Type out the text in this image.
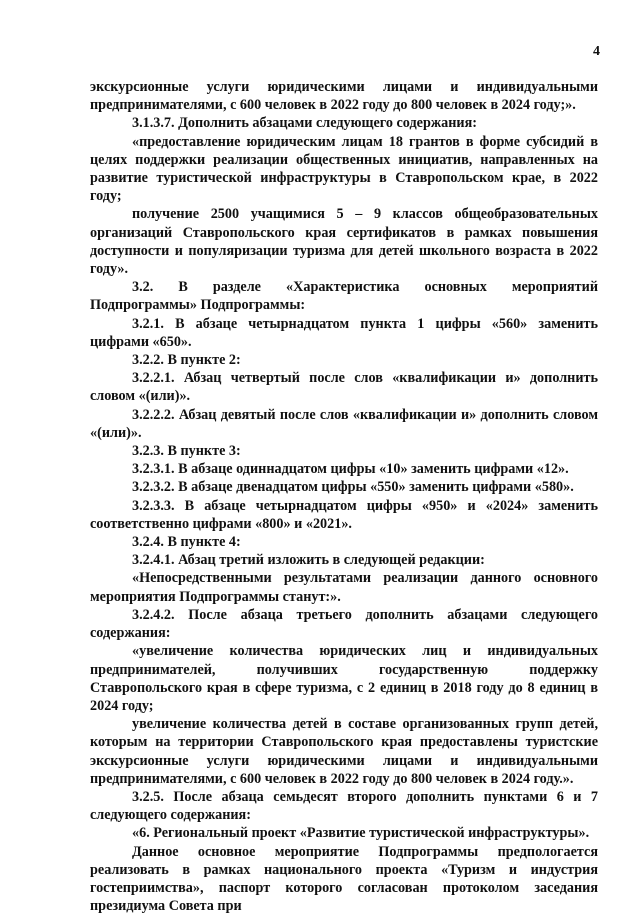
4

экскурсионные услуги юридическими лицами и индивидуальными предпринимателями, с 600 человек в 2022 году до 800 человек в 2024 году;».

3.1.3.7. Дополнить абзацами следующего содержания:

«предоставление юридическим лицам 18 грантов в форме субсидий в целях поддержки реализации общественных инициатив, направленных на развитие туристической инфраструктуры в Ставропольском крае, в 2022 году;

получение 2500 учащимися 5 – 9 классов общеобразовательных организаций Ставропольского края сертификатов в рамках повышения доступности и популяризации туризма для детей школьного возраста в 2022 году».

3.2. В разделе «Характеристика основных мероприятий Подпрограммы» Подпрограммы:

3.2.1. В абзаце четырнадцатом пункта 1 цифры «560» заменить цифрами «650».

3.2.2. В пункте 2:

3.2.2.1. Абзац четвертый после слов «квалификации и» дополнить словом «(или)».

3.2.2.2. Абзац девятый после слов «квалификации и» дополнить словом «(или)».

3.2.3. В пункте 3:

3.2.3.1. В абзаце одиннадцатом цифры «10» заменить цифрами «12».

3.2.3.2. В абзаце двенадцатом цифры «550» заменить цифрами «580».

3.2.3.3. В абзаце четырнадцатом цифры «950» и «2024» заменить соответственно цифрами «800» и «2021».

3.2.4. В пункте 4:

3.2.4.1. Абзац третий изложить в следующей редакции:

«Непосредственными результатами реализации данного основного мероприятия Подпрограммы станут:».

3.2.4.2. После абзаца третьего дополнить абзацами следующего содержания:

«увеличение количества юридических лиц и индивидуальных предпринимателей, получивших государственную поддержку Ставропольского края в сфере туризма, с 2 единиц в 2018 году до 8 единиц в 2024 году;

увеличение количества детей в составе организованных групп детей, которым на территории Ставропольского края предоставлены туристские экскурсионные услуги юридическими лицами и индивидуальными предпринимателями, с 600 человек в 2022 году до 800 человек в 2024 году.».

3.2.5. После абзаца семьдесят второго дополнить пунктами 6 и 7 следующего содержания:

«6. Региональный проект «Развитие туристической инфраструктуры».

Данное основное мероприятие Подпрограммы предпологается реализовать в рамках национального проекта «Туризм и индустрия гостеприимства», паспорт которого согласован протоколом заседания президиума Совета при
